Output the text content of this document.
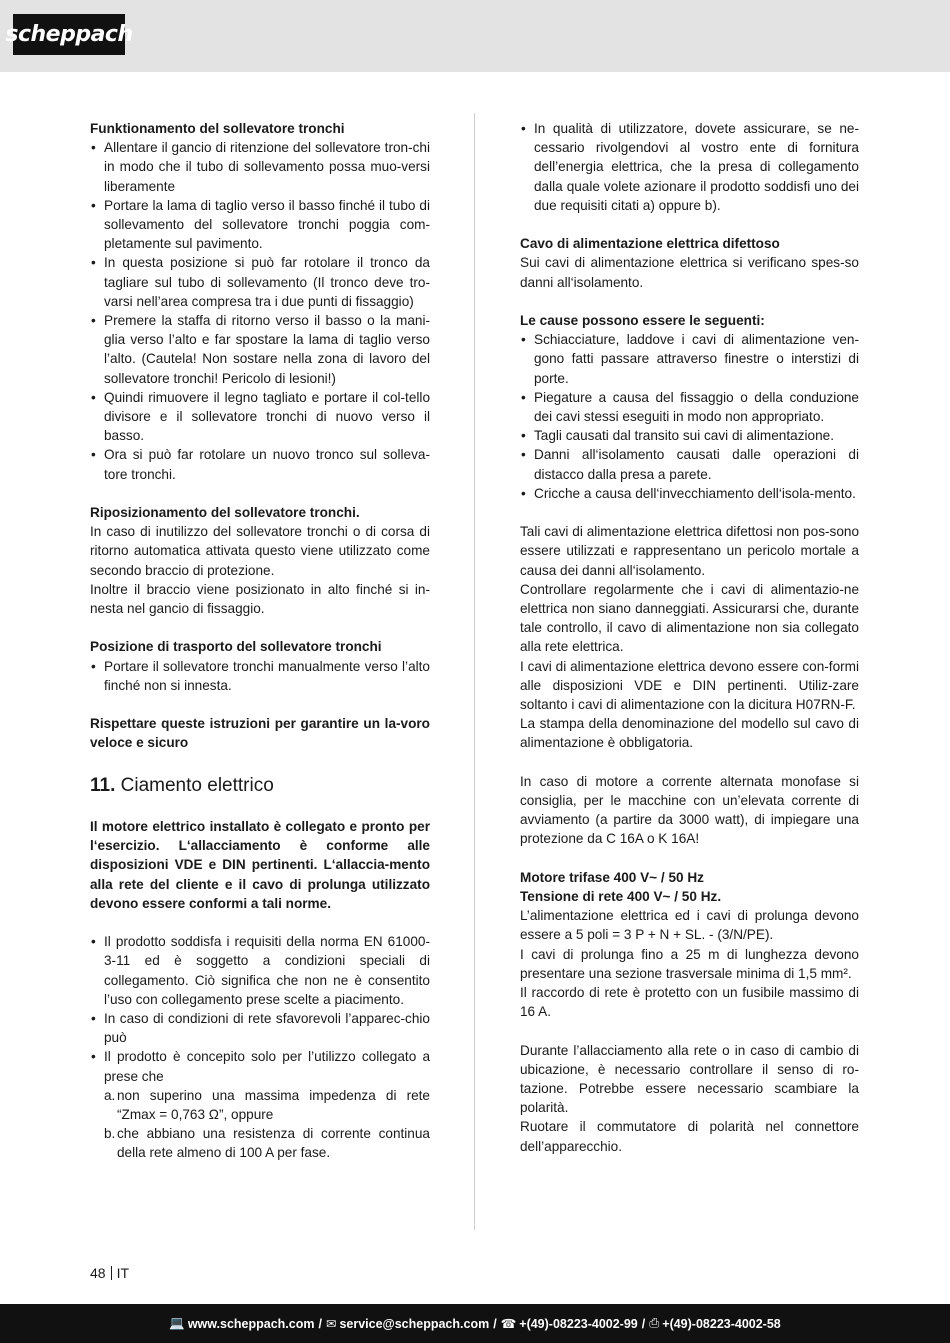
scheppach

Funktionamento del sollevatore tronchi

• Allentare il gancio di ritenzione del sollevatore tron-chi in modo che il tubo di sollevamento possa muo-versi liberamente
• Portare la lama di taglio verso il basso finché il tubo di sollevamento del sollevatore tronchi poggia com-pletamente sul pavimento.
• In questa posizione si può far rotolare il tronco da tagliare sul tubo di sollevamento (Il tronco deve tro-varsi nell’area compresa tra i due punti di fissaggio)
• Premere la staffa di ritorno verso il basso o la mani-glia verso l’alto e far spostare la lama di taglio verso l’alto. (Cautela! Non sostare nella zona di lavoro del sollevatore tronchi! Pericolo di lesioni!)
• Quindi rimuovere il legno tagliato e portare il col-tello divisore e il sollevatore tronchi di nuovo verso il basso.
• Ora si può far rotolare un nuovo tronco sul solleva-tore tronchi.

Riposizionamento del sollevatore tronchi.

In caso di inutilizzo del sollevatore tronchi o di corsa di ritorno automatica attivata questo viene utilizzato come secondo braccio di protezione.

Inoltre il braccio viene posizionato in alto finché si in-nesta nel gancio di fissaggio.

Posizione di trasporto del sollevatore tronchi

• Portare il sollevatore tronchi manualmente verso l’alto finché non si innesta.

Rispettare queste istruzioni per garantire un la-voro veloce e sicuro

11. Ciamento elettrico

Il motore elettrico installato è collegato e pronto per l‘esercizio. L‘allacciamento è conforme alle disposizioni VDE e DIN pertinenti. L‘allaccia-mento alla rete del cliente e il cavo di prolunga utilizzato devono essere conformi a tali norme.

• Il prodotto soddisfa i requisiti della norma EN 61000- 3-11 ed è soggetto a condizioni speciali di collegamento. Ciò significa che non ne è consentito l’uso con collegamento prese scelte a piacimento.
• In caso di condizioni di rete sfavorevoli l’apparec-chio può
• Il prodotto è concepito solo per l’utilizzo collegato a prese che
a. non superino una massima impedenza di rete “Zmax = 0,763 Ω”, oppure
b. che abbiano una resistenza di corrente continua della rete almeno di 100 A per fase.
• In qualità di utilizzatore, dovete assicurare, se ne-cessario rivolgendovi al vostro ente di fornitura dell’energia elettrica, che la presa di collegamento dalla quale volete azionare il prodotto soddisfi uno dei due requisiti citati a) oppure b).

Cavo di alimentazione elettrica difettoso

Sui cavi di alimentazione elettrica si verificano spes-so danni all‘isolamento.

Le cause possono essere le seguenti:

• Schiacciature, laddove i cavi di alimentazione ven-gono fatti passare attraverso finestre o interstizi di porte.
• Piegature a causa del fissaggio o della conduzione dei cavi stessi eseguiti in modo non appropriato.
• Tagli causati dal transito sui cavi di alimentazione.
• Danni all‘isolamento causati dalle operazioni di distacco dalla presa a parete.
• Cricche a causa dell‘invecchiamento dell‘isola-mento.

Tali cavi di alimentazione elettrica difettosi non pos-sono essere utilizzati e rappresentano un pericolo mortale a causa dei danni all‘isolamento.

Controllare regolarmente che i cavi di alimentazio-ne elettrica non siano danneggiati. Assicurarsi che, durante tale controllo, il cavo di alimentazione non sia collegato alla rete elettrica.

I cavi di alimentazione elettrica devono essere con-formi alle disposizioni VDE e DIN pertinenti. Utiliz-zare soltanto i cavi di alimentazione con la dicitura H07RN-F.

La stampa della denominazione del modello sul cavo di alimentazione è obbligatoria.

In caso di motore a corrente alternata monofase si consiglia, per le macchine con un’elevata corrente di avviamento (a partire da 3000 watt), di impiegare una protezione da C 16A o K 16A!

Motore trifase 400 V~ / 50 Hz

Tensione di rete 400 V~ / 50 Hz.

L’alimentazione elettrica ed i cavi di prolunga devono essere a 5 poli = 3 P + N + SL. - (3/N/PE).

I cavi di prolunga fino a 25 m di lunghezza devono presentare una sezione trasversale minima di 1,5 mm².

Il raccordo di rete è protetto con un fusibile massimo di 16 A.

Durante l’allacciamento alla rete o in caso di cambio di ubicazione, è necessario controllare il senso di ro-tazione. Potrebbe essere necessario scambiare la polarità.

Ruotare il commutatore di polarità nel connettore dell’apparecchio.

48 IT
💻 www.scheppach.com / ✉ service@scheppach.com / ☎ +(49)-08223-4002-99 / ⎙ +(49)-08223-4002-58
